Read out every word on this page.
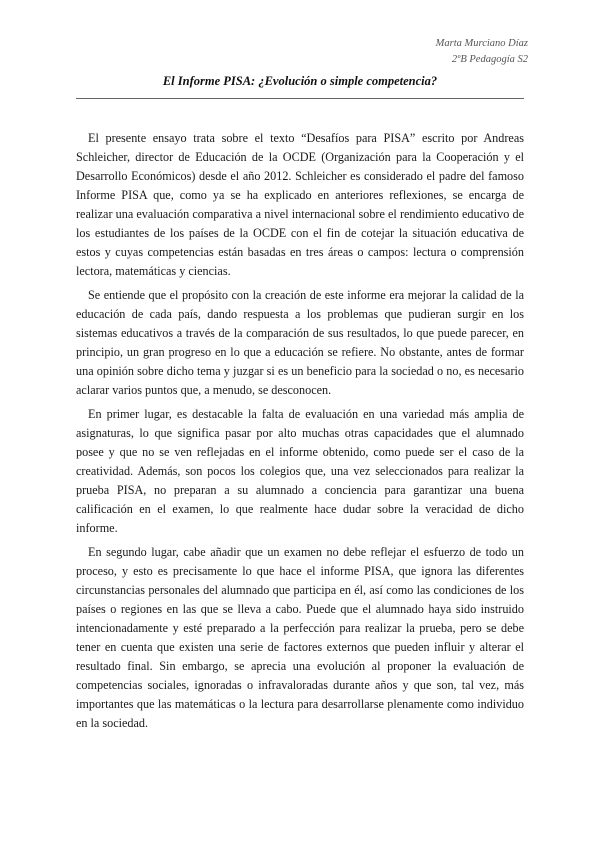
Marta Murciano Díaz
2ºB Pedagogía S2
El Informe PISA: ¿Evolución o simple competencia?

El presente ensayo trata sobre el texto “Desafíos para PISA” escrito por Andreas Schleicher, director de Educación de la OCDE (Organización para la Cooperación y el Desarrollo Económicos) desde el año 2012. Schleicher es considerado el padre del famoso Informe PISA que, como ya se ha explicado en anteriores reflexiones, se encarga de realizar una evaluación comparativa a nivel internacional sobre el rendimiento educativo de los estudiantes de los países de la OCDE con el fin de cotejar la situación educativa de estos y cuyas competencias están basadas en tres áreas o campos: lectura o comprensión lectora, matemáticas y ciencias.

Se entiende que el propósito con la creación de este informe era mejorar la calidad de la educación de cada país, dando respuesta a los problemas que pudieran surgir en los sistemas educativos a través de la comparación de sus resultados, lo que puede parecer, en principio, un gran progreso en lo que a educación se refiere. No obstante, antes de formar una opinión sobre dicho tema y juzgar si es un beneficio para la sociedad o no, es necesario aclarar varios puntos que, a menudo, se desconocen.

En primer lugar, es destacable la falta de evaluación en una variedad más amplia de asignaturas, lo que significa pasar por alto muchas otras capacidades que el alumnado posee y que no se ven reflejadas en el informe obtenido, como puede ser el caso de la creatividad. Además, son pocos los colegios que, una vez seleccionados para realizar la prueba PISA, no preparan a su alumnado a conciencia para garantizar una buena calificación en el examen, lo que realmente hace dudar sobre la veracidad de dicho informe.

En segundo lugar, cabe añadir que un examen no debe reflejar el esfuerzo de todo un proceso, y esto es precisamente lo que hace el informe PISA, que ignora las diferentes circunstancias personales del alumnado que participa en él, así como las condiciones de los países o regiones en las que se lleva a cabo. Puede que el alumnado haya sido instruido intencionadamente y esté preparado a la perfección para realizar la prueba, pero se debe tener en cuenta que existen una serie de factores externos que pueden influir y alterar el resultado final. Sin embargo, se aprecia una evolución al proponer la evaluación de competencias sociales, ignoradas o infravaloradas durante años y que son, tal vez, más importantes que las matemáticas o la lectura para desarrollarse plenamente como individuo en la sociedad.
